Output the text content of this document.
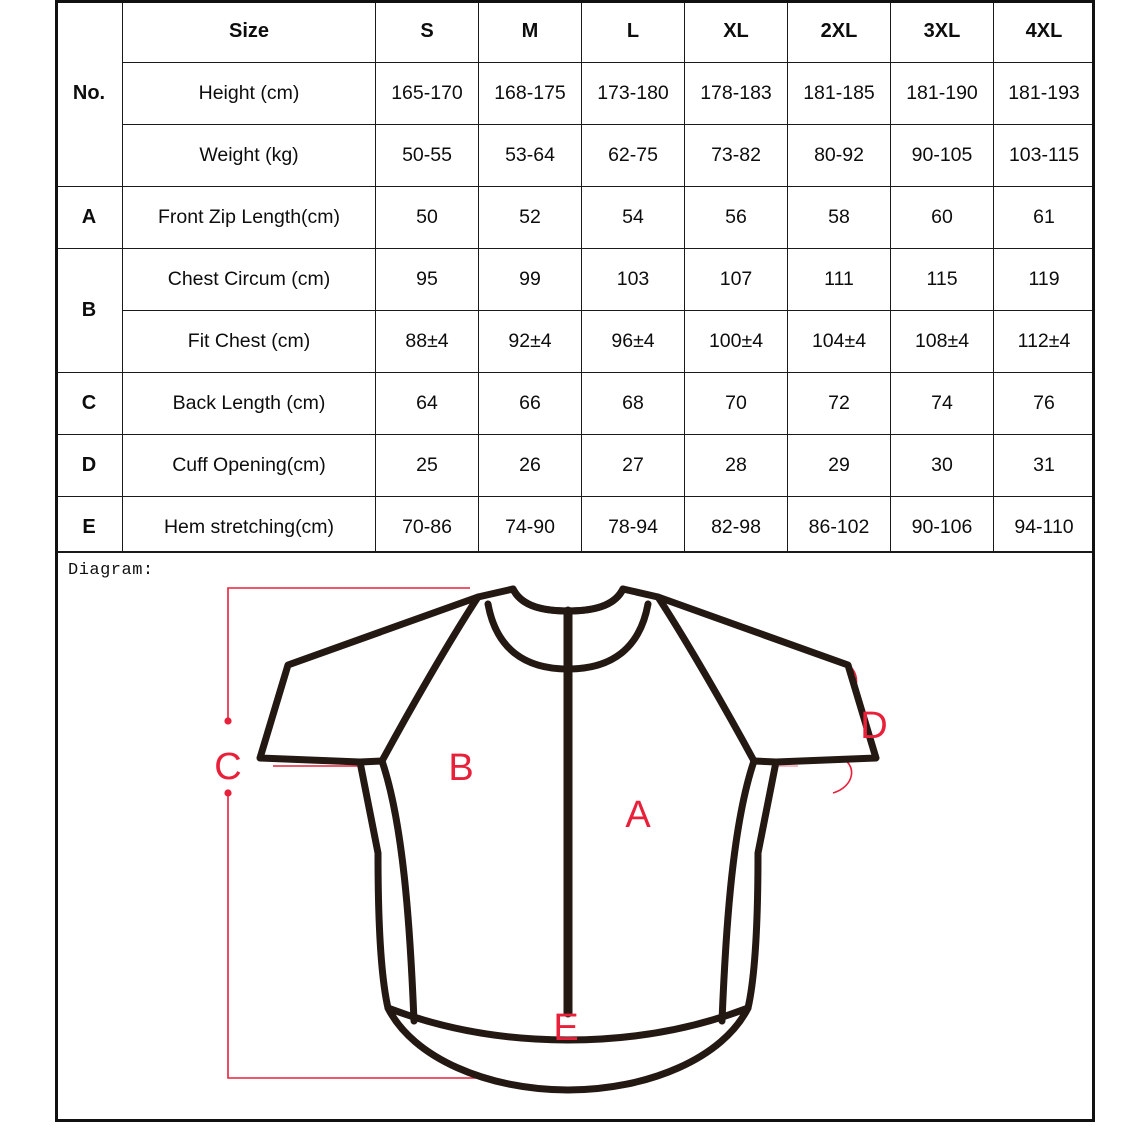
No.	Size	S	M	L	XL	2XL	3XL	4XL
	Height (cm)	165-170	168-175	173-180	178-183	181-185	181-190	181-193
	Weight (kg)	50-55	53-64	62-75	73-82	80-92	90-105	103-115
A	Front Zip Length(cm)	50	52	54	56	58	60	61
B	Chest Circum (cm)	95	99	103	107	111	115	119
	Fit Chest (cm)	88±4	92±4	96±4	100±4	104±4	108±4	112±4
C	Back Length (cm)	64	66	68	70	72	74	76
D	Cuff Opening(cm)	25	26	27	28	29	30	31
E	Hem stretching(cm)	70-86	74-90	78-94	82-98	86-102	90-106	94-110
Diagram:
C	B
A
D
E
